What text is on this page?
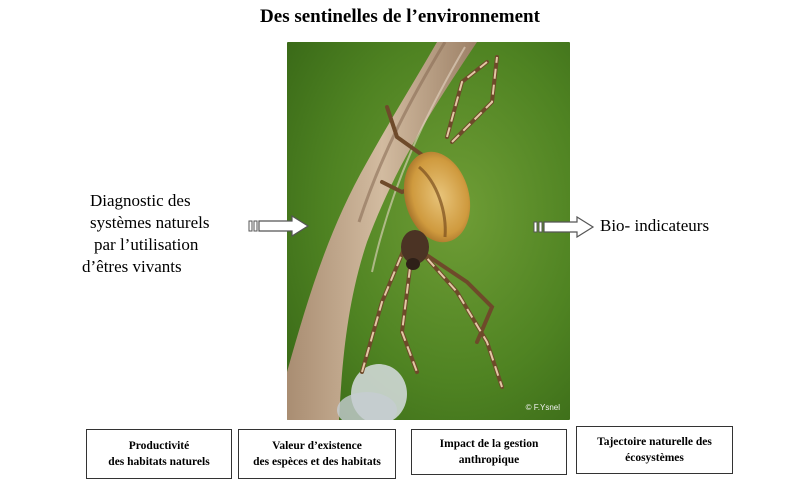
Des sentinelles de l’environnement
© F.Ysnel
Diagnostic des
systèmes naturels
par l’utilisation
d’êtres vivants
Bio- indicateurs
Productivité
des habitats naturels
Valeur d’existence
des espèces et des habitats
Impact de la gestion
anthropique
Tajectoire naturelle des
écosystèmes
